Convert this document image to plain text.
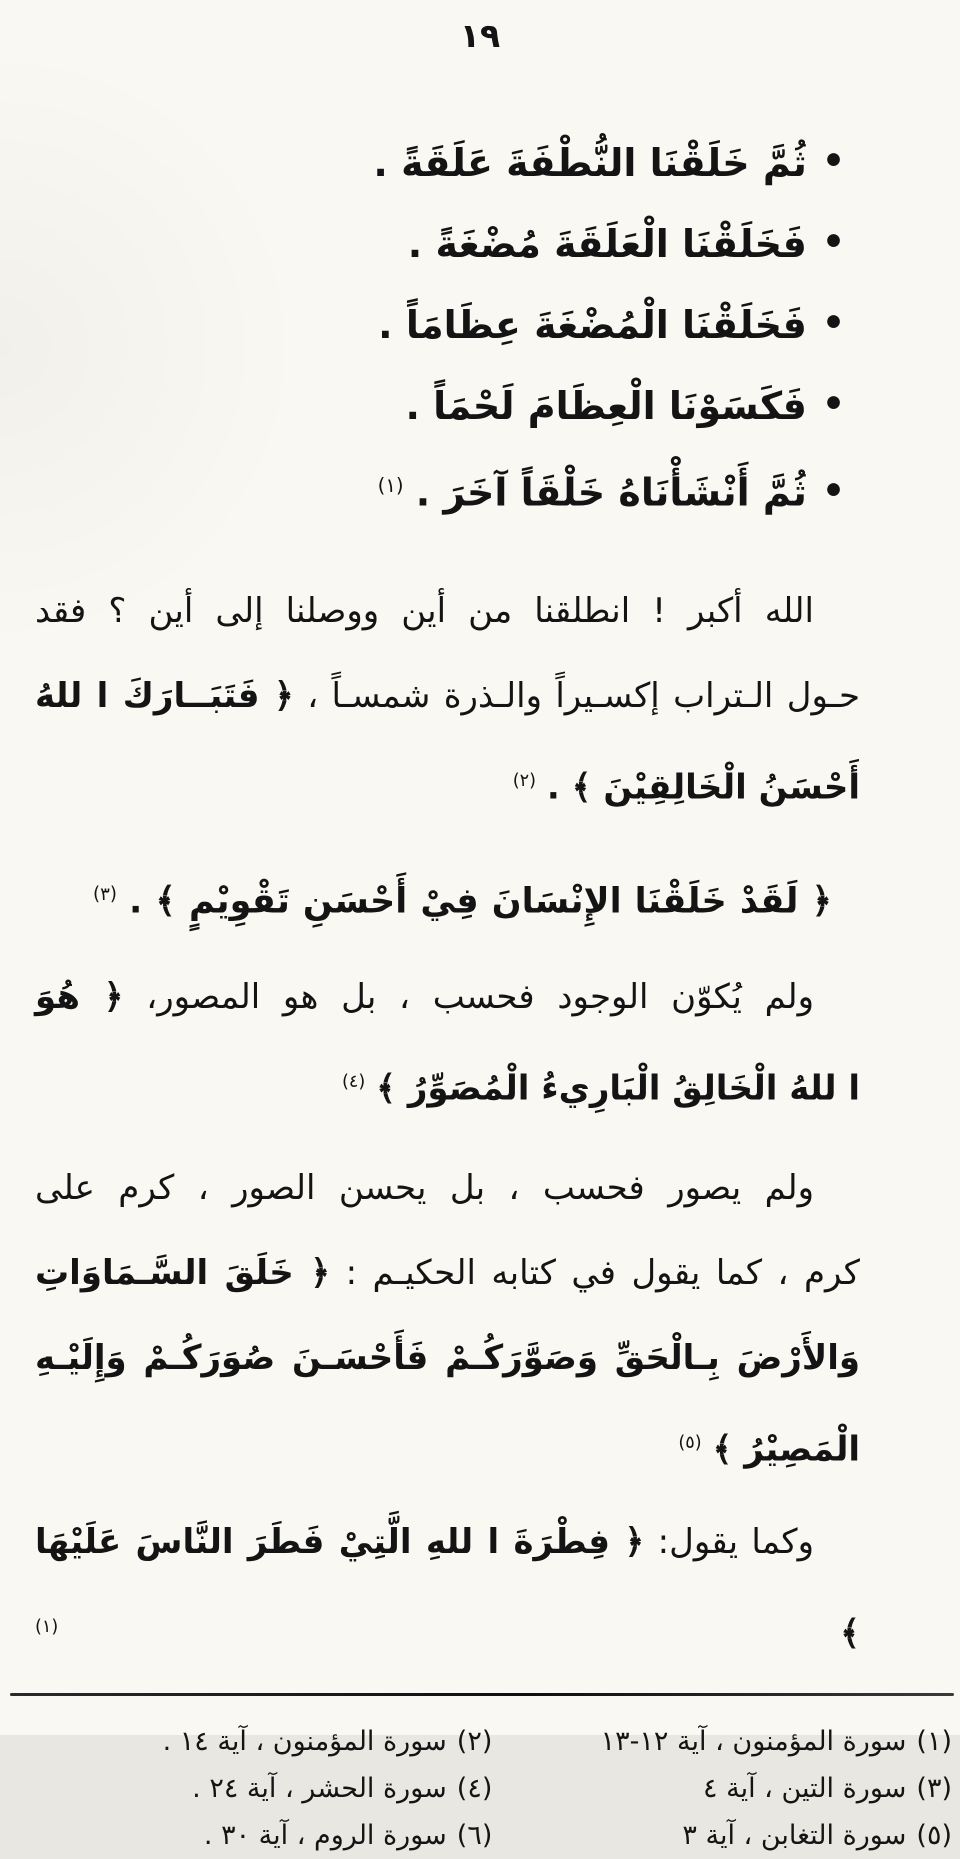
١٩
•ثُمَّ خَلَقْنَا النُّطْفَةَ عَلَقَةً .
•فَخَلَقْنَا الْعَلَقَةَ مُضْغَةً .
•فَخَلَقْنَا الْمُضْغَةَ عِظَامَاً .
•فَكَسَوْنَا الْعِظَامَ لَحْمَاً .
•ثُمَّ أَنْشَأْنَاهُ خَلْقَاً آخَرَ . $^{(١)}$
الله أكبر ! انطلقنا من أين ووصلنا إلى أين ؟ فقد
حـول الـتراب إكسـيراً والـذرة شمسـاً ، ﴿ فَتَبَــارَكَ ا للهُ
أَحْسَنُ الْخَالِقِيْنَ ﴾ . $^{(٢)}$
﴿ لَقَدْ خَلَقْنَا الإِنْسَانَ فِيْ أَحْسَنِ تَقْوِيْمٍ ﴾ . $^{(٣)}$
ولم يُكوّن الوجود فحسب ، بل هو المصور، ﴿ هُوَ
ا للهُ الْخَالِقُ الْبَارِيءُ الْمُصَوِّرُ ﴾ $^{(٤)}$
ولم يصور فحسب ، بل يحسن الصور ، كرم على
كرم ، كما يقول في كتابه الحكيـم : ﴿ خَلَقَ السَّـمَاوَاتِ
وَالأَرْضَ بِـالْحَقِّ وَصَوَّرَكُـمْ فَأَحْسَـنَ صُوَرَكُـمْ وَإِلَيْـهِ
الْمَصِيْرُ ﴾ $^{(٥)}$
وكما يقول: ﴿ فِطْرَةَ ا للهِ الَّتِيْ فَطَرَ النَّاسَ عَلَيْهَا ﴾ $^{(١)}$
(١)سورة المؤمنون ، آية ١٢-١٣
(٣)سورة التين ، آية ٤
(٥)سورة التغابن ، آية ٣
(٢)سورة المؤمنون ، آية ١٤ .
(٤)سورة الحشر ، آية ٢٤ .
(٦)سورة الروم ، آية ٣٠ .
